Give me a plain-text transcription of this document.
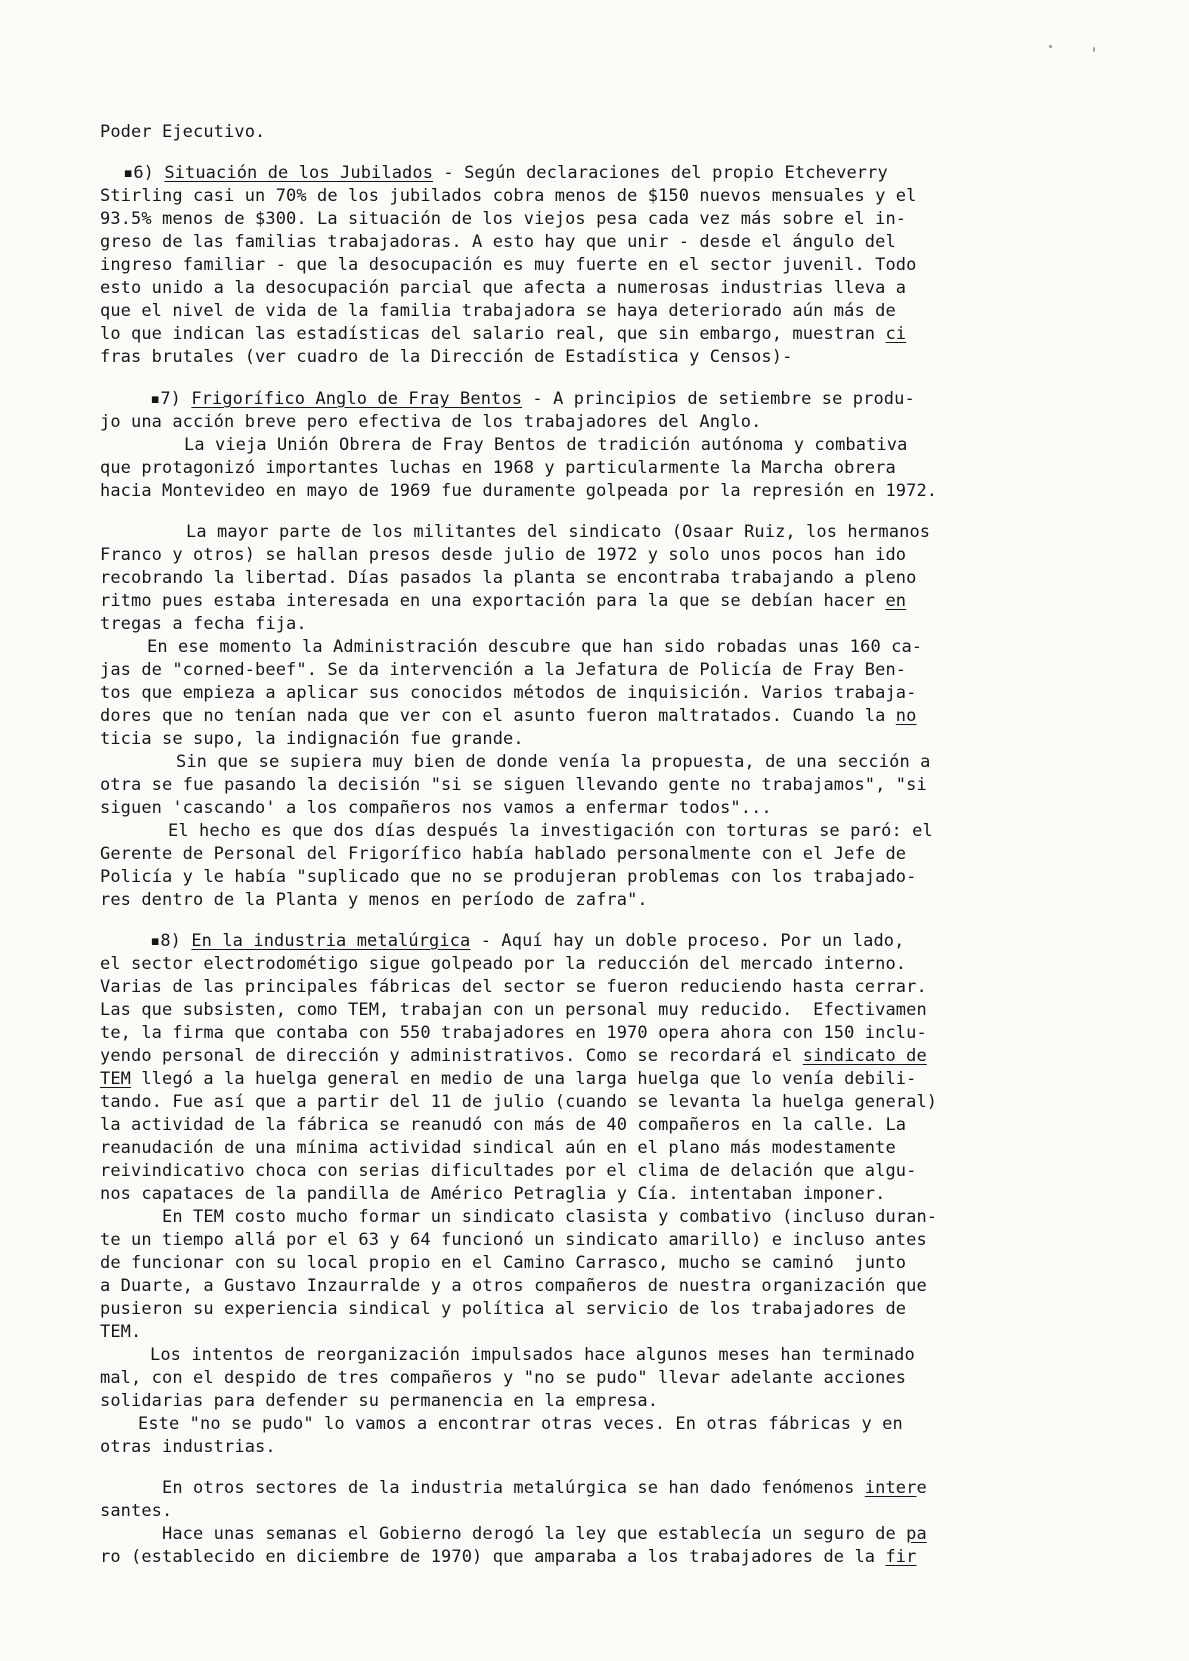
Poder Ejecutivo.
▪6) Situación de los Jubilados - Según declaraciones del propio Etcheverry
Stirling casi un 70% de los jubilados cobra menos de $150 nuevos mensuales y el
93.5% menos de $300. La situación de los viejos pesa cada vez más sobre el in-
greso de las familias trabajadoras. A esto hay que unir - desde el ángulo del
ingreso familiar - que la desocupación es muy fuerte en el sector juvenil. Todo
esto unido a la desocupación parcial que afecta a numerosas industrias lleva a
que el nivel de vida de la familia trabajadora se haya deteriorado aún más de
lo que indican las estadísticas del salario real, que sin embargo, muestran ci
fras brutales (ver cuadro de la Dirección de Estadística y Censos)-
▪7) Frigorífico Anglo de Fray Bentos - A principios de setiembre se produ-
jo una acción breve pero efectiva de los trabajadores del Anglo.
La vieja Unión Obrera de Fray Bentos de tradición autónoma y combativa
que protagonizó importantes luchas en 1968 y particularmente la Marcha obrera
hacia Montevideo en mayo de 1969 fue duramente golpeada por la represión en 1972.
La mayor parte de los militantes del sindicato (Osaar Ruiz, los hermanos
Franco y otros) se hallan presos desde julio de 1972 y solo unos pocos han ido
recobrando la libertad. Días pasados la planta se encontraba trabajando a pleno
ritmo pues estaba interesada en una exportación para la que se debían hacer en
tregas a fecha fija.
En ese momento la Administración descubre que han sido robadas unas 160 ca-
jas de "corned-beef". Se da intervención a la Jefatura de Policía de Fray Ben-
tos que empieza a aplicar sus conocidos métodos de inquisición. Varios trabaja-
dores que no tenían nada que ver con el asunto fueron maltratados. Cuando la no
ticia se supo, la indignación fue grande.
Sin que se supiera muy bien de donde venía la propuesta, de una sección a
otra se fue pasando la decisión "si se siguen llevando gente no trabajamos", "si
siguen 'cascando' a los compañeros nos vamos a enfermar todos"...
El hecho es que dos días después la investigación con torturas se paró: el
Gerente de Personal del Frigorífico había hablado personalmente con el Jefe de
Policía y le había "suplicado que no se produjeran problemas con los trabajado-
res dentro de la Planta y menos en período de zafra".
▪8) En la industria metalúrgica - Aquí hay un doble proceso. Por un lado,
el sector electrodométigo sigue golpeado por la reducción del mercado interno.
Varias de las principales fábricas del sector se fueron reduciendo hasta cerrar.
Las que subsisten, como TEM, trabajan con un personal muy reducido.  Efectivamen
te, la firma que contaba con 550 trabajadores en 1970 opera ahora con 150 inclu-
yendo personal de dirección y administrativos. Como se recordará el sindicato de
TEM llegó a la huelga general en medio de una larga huelga que lo venía debili-
tando. Fue así que a partir del 11 de julio (cuando se levanta la huelga general)
la actividad de la fábrica se reanudó con más de 40 compañeros en la calle. La
reanudación de una mínima actividad sindical aún en el plano más modestamente
reivindicativo choca con serias dificultades por el clima de delación que algu-
nos capataces de la pandilla de Américo Petraglia y Cía. intentaban imponer.
En TEM costo mucho formar un sindicato clasista y combativo (incluso duran-
te un tiempo allá por el 63 y 64 funcionó un sindicato amarillo) e incluso antes
de funcionar con su local propio en el Camino Carrasco, mucho se caminó  junto
a Duarte, a Gustavo Inzaurralde y a otros compañeros de nuestra organización que
pusieron su experiencia sindical y política al servicio de los trabajadores de
TEM.
Los intentos de reorganización impulsados hace algunos meses han terminado
mal, con el despido de tres compañeros y "no se pudo" llevar adelante acciones
solidarias para defender su permanencia en la empresa.
Este "no se pudo" lo vamos a encontrar otras veces. En otras fábricas y en
otras industrias.
En otros sectores de la industria metalúrgica se han dado fenómenos intere
santes.
Hace unas semanas el Gobierno derogó la ley que establecía un seguro de pa
ro (establecido en diciembre de 1970) que amparaba a los trabajadores de la fir
